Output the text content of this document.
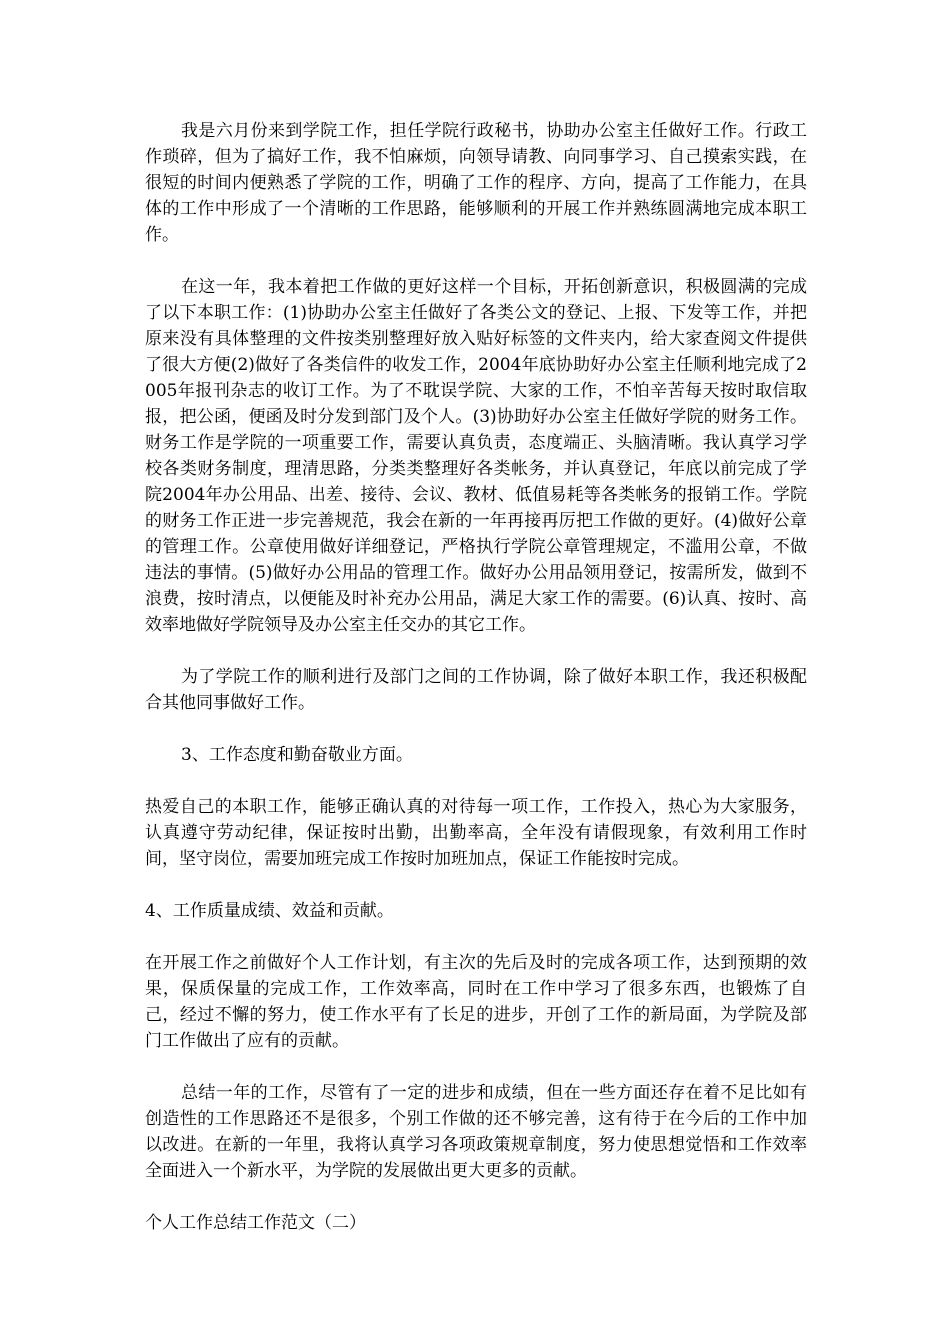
我是六月份来到学院工作，担任学院行政秘书，协助办公室主任做好工作。行政工作琐碎，但为了搞好工作，我不怕麻烦，向领导请教、向同事学习、自己摸索实践，在很短的时间内便熟悉了学院的工作，明确了工作的程序、方向，提高了工作能力，在具体的工作中形成了一个清晰的工作思路，能够顺利的开展工作并熟练圆满地完成本职工作。

在这一年，我本着把工作做的更好这样一个目标，开拓创新意识，积极圆满的完成了以下本职工作：(1)协助办公室主任做好了各类公文的登记、上报、下发等工作，并把原来没有具体整理的文件按类别整理好放入贴好标签的文件夹内，给大家查阅文件提供了很大方便(2)做好了各类信件的收发工作，2004年底协助好办公室主任顺利地完成了2005年报刊杂志的收订工作。为了不耽误学院、大家的工作，不怕辛苦每天按时取信取报，把公函，便函及时分发到部门及个人。(3)协助好办公室主任做好学院的财务工作。财务工作是学院的一项重要工作，需要认真负责，态度端正、头脑清晰。我认真学习学校各类财务制度，理清思路，分类类整理好各类帐务，并认真登记，年底以前完成了学院2004年办公用品、出差、接待、会议、教材、低值易耗等各类帐务的报销工作。学院的财务工作正进一步完善规范，我会在新的一年再接再厉把工作做的更好。(4)做好公章的管理工作。公章使用做好详细登记，严格执行学院公章管理规定，不滥用公章，不做违法的事情。(5)做好办公用品的管理工作。做好办公用品领用登记，按需所发，做到不浪费，按时清点，以便能及时补充办公用品，满足大家工作的需要。(6)认真、按时、高效率地做好学院领导及办公室主任交办的其它工作。

为了学院工作的顺利进行及部门之间的工作协调，除了做好本职工作，我还积极配合其他同事做好工作。

3、工作态度和勤奋敬业方面。

热爱自己的本职工作，能够正确认真的对待每一项工作，工作投入，热心为大家服务，认真遵守劳动纪律，保证按时出勤，出勤率高，全年没有请假现象，有效利用工作时间，坚守岗位，需要加班完成工作按时加班加点，保证工作能按时完成。

4、工作质量成绩、效益和贡献。

在开展工作之前做好个人工作计划，有主次的先后及时的完成各项工作，达到预期的效果，保质保量的完成工作，工作效率高，同时在工作中学习了很多东西，也锻炼了自己，经过不懈的努力，使工作水平有了长足的进步，开创了工作的新局面，为学院及部门工作做出了应有的贡献。

总结一年的工作，尽管有了一定的进步和成绩，但在一些方面还存在着不足比如有创造性的工作思路还不是很多，个别工作做的还不够完善，这有待于在今后的工作中加以改进。在新的一年里，我将认真学习各项政策规章制度，努力使思想觉悟和工作效率全面进入一个新水平，为学院的发展做出更大更多的贡献。

个人工作总结工作范文（二）
